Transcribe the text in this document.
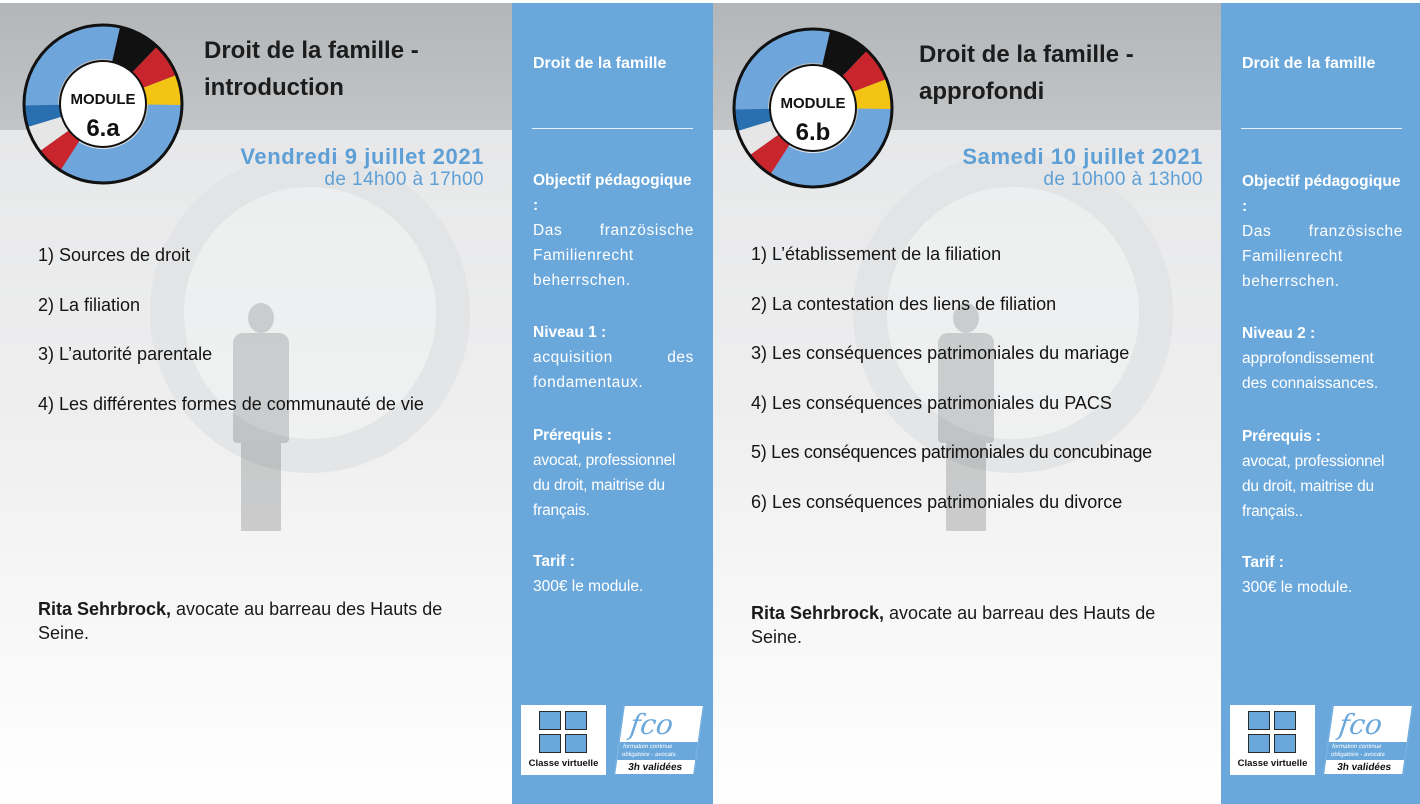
MODULE
6.a
Droit de la famille -
introduction
Vendredi 9 juillet 2021
de 14h00 à 17h00
1) Sources de droit
2) La filiation
3) L’autorité parentale
4) Les différentes formes de communauté de vie
Rita Sehrbrock, avocate au barreau des Hauts de Seine.
Droit de la famille
Objectif pédagogique :
Das französische Familienrecht beherrschen.
Niveau 1 :
acquisition des fondamentaux.
Prérequis :
avocat, professionnel du droit, maitrise du français.
Tarif :
300€ le module.
Classe virtuelle
fco
formation continue obligatoire - avocats
3h validées
MODULE
6.b
Droit de la famille -
approfondi
Samedi 10 juillet 2021
de 10h00 à 13h00
1) L’établissement de la filiation
2) La contestation des liens de filiation
3) Les conséquences patrimoniales du mariage
4) Les conséquences patrimoniales du PACS
5) Les conséquences patrimoniales du concubinage
6) Les conséquences patrimoniales du divorce
Rita Sehrbrock, avocate au barreau des Hauts de Seine.
Droit de la famille
Objectif pédagogique :
Das französische Familienrecht beherrschen.
Niveau 2 :
approfondissement des connaissances.
Prérequis :
avocat, professionnel du droit, maitrise du français..
Tarif :
300€ le module.
Classe virtuelle
fco
formation continue obligatoire - avocats
3h validées
